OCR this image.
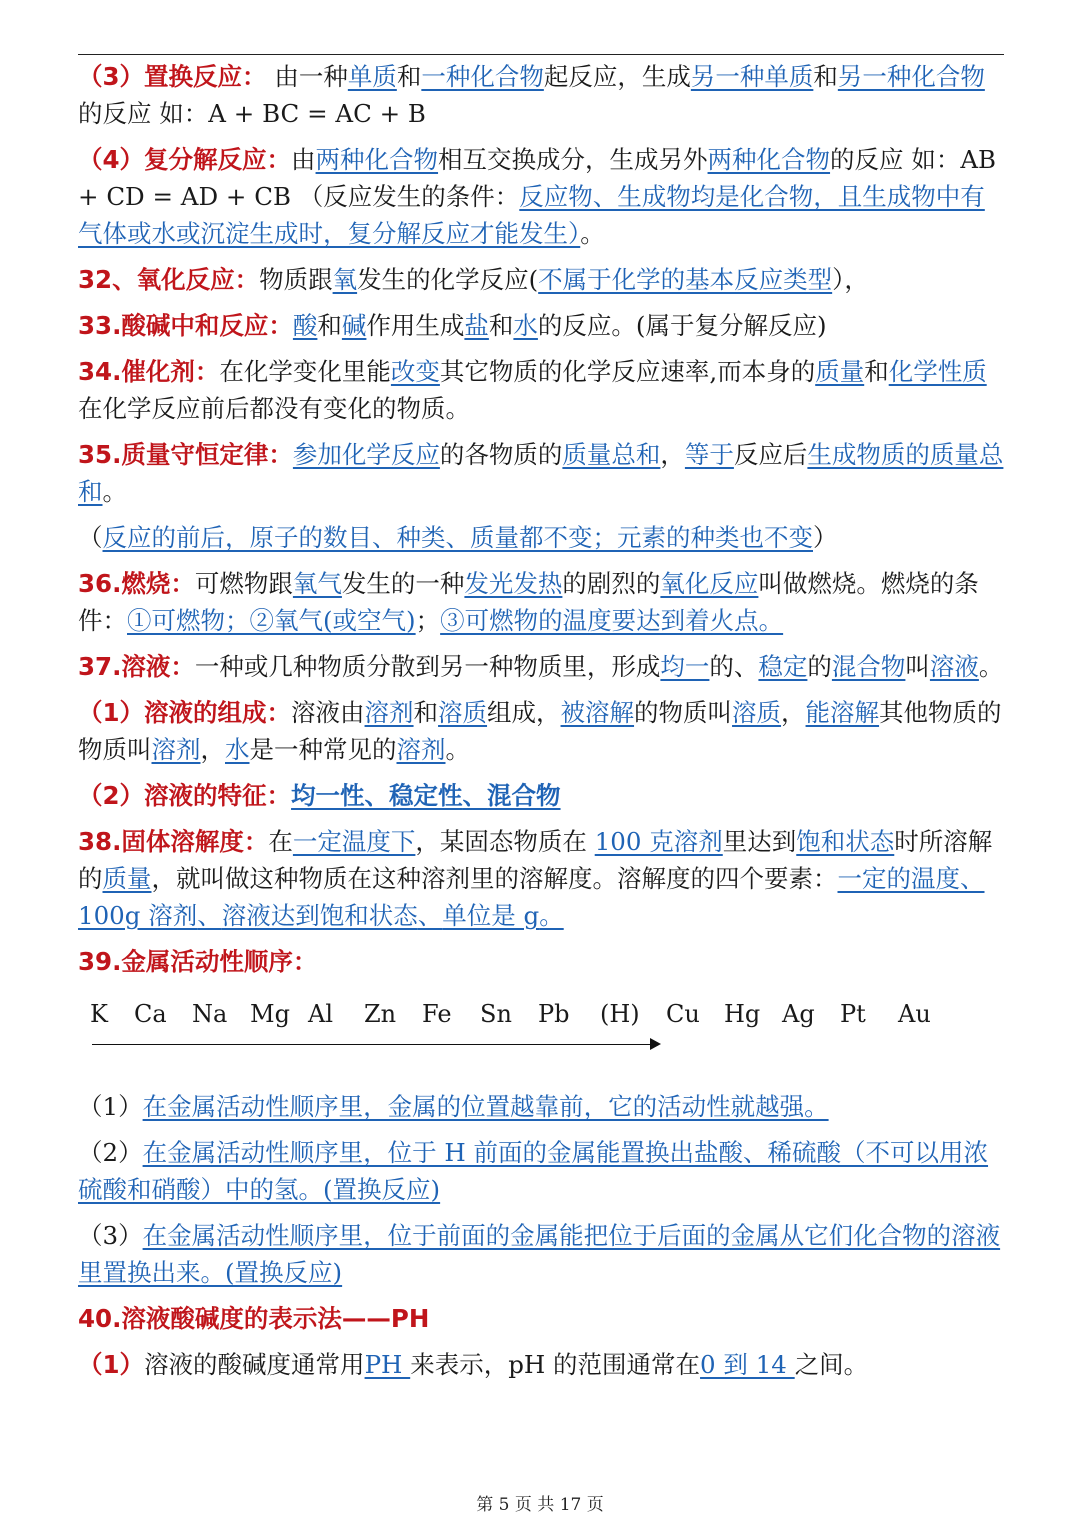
（3）置换反应： 由一种单质和一种化合物起反应，生成另一种单质和另一种化合物的反应 如：A + BC = AC + B

（4）复分解反应：由两种化合物相互交换成分，生成另外两种化合物的反应 如：AB + CD = AD + CB （反应发生的条件：反应物、生成物均是化合物，且生成物中有气体或水或沉淀生成时，复分解反应才能发生）。

32、氧化反应：物质跟氧发生的化学反应(不属于化学的基本反应类型），

33.酸碱中和反应：酸和碱作用生成盐和水的反应。(属于复分解反应)

34.催化剂：在化学变化里能改变其它物质的化学反应速率,而本身的质量和化学性质在化学反应前后都没有变化的物质。

35.质量守恒定律：参加化学反应的各物质的质量总和，等于反应后生成物质的质量总和。

（反应的前后，原子的数目、种类、质量都不变；元素的种类也不变）

36.燃烧：可燃物跟氧气发生的一种发光发热的剧烈的氧化反应叫做燃烧。燃烧的条件：①可燃物；②氧气(或空气)；③可燃物的温度要达到着火点。

37.溶液：一种或几种物质分散到另一种物质里，形成均一的、稳定的混合物叫溶液。

（1）溶液的组成：溶液由溶剂和溶质组成，被溶解的物质叫溶质，能溶解其他物质的物质叫溶剂，水是一种常见的溶剂。

（2）溶液的特征：均一性、稳定性、混合物

38.固体溶解度：在一定温度下，某固态物质在 100 克溶剂里达到饱和状态时所溶解的质量，就叫做这种物质在这种溶剂里的溶解度。溶解度的四个要素：一定的温度、100g 溶剂、溶液达到饱和状态、单位是 g。

39.金属活动性顺序：

K	Ca	Na Mg Al	Zn	Fe	Sn	Pb	(H)	Cu	Hg Ag	Pt	Au

（1）在金属活动性顺序里，金属的位置越靠前，它的活动性就越强。

（2）在金属活动性顺序里，位于 H 前面的金属能置换出盐酸、稀硫酸（不可以用浓硫酸和硝酸）中的氢。(置换反应)

（3）在金属活动性顺序里，位于前面的金属能把位于后面的金属从它们化合物的溶液里置换出来。(置换反应)

40.溶液酸碱度的表示法——PH

（1）溶液的酸碱度通常用PH 来表示，pH 的范围通常在0 到 14 之间。

第 5 页 共 17 页
